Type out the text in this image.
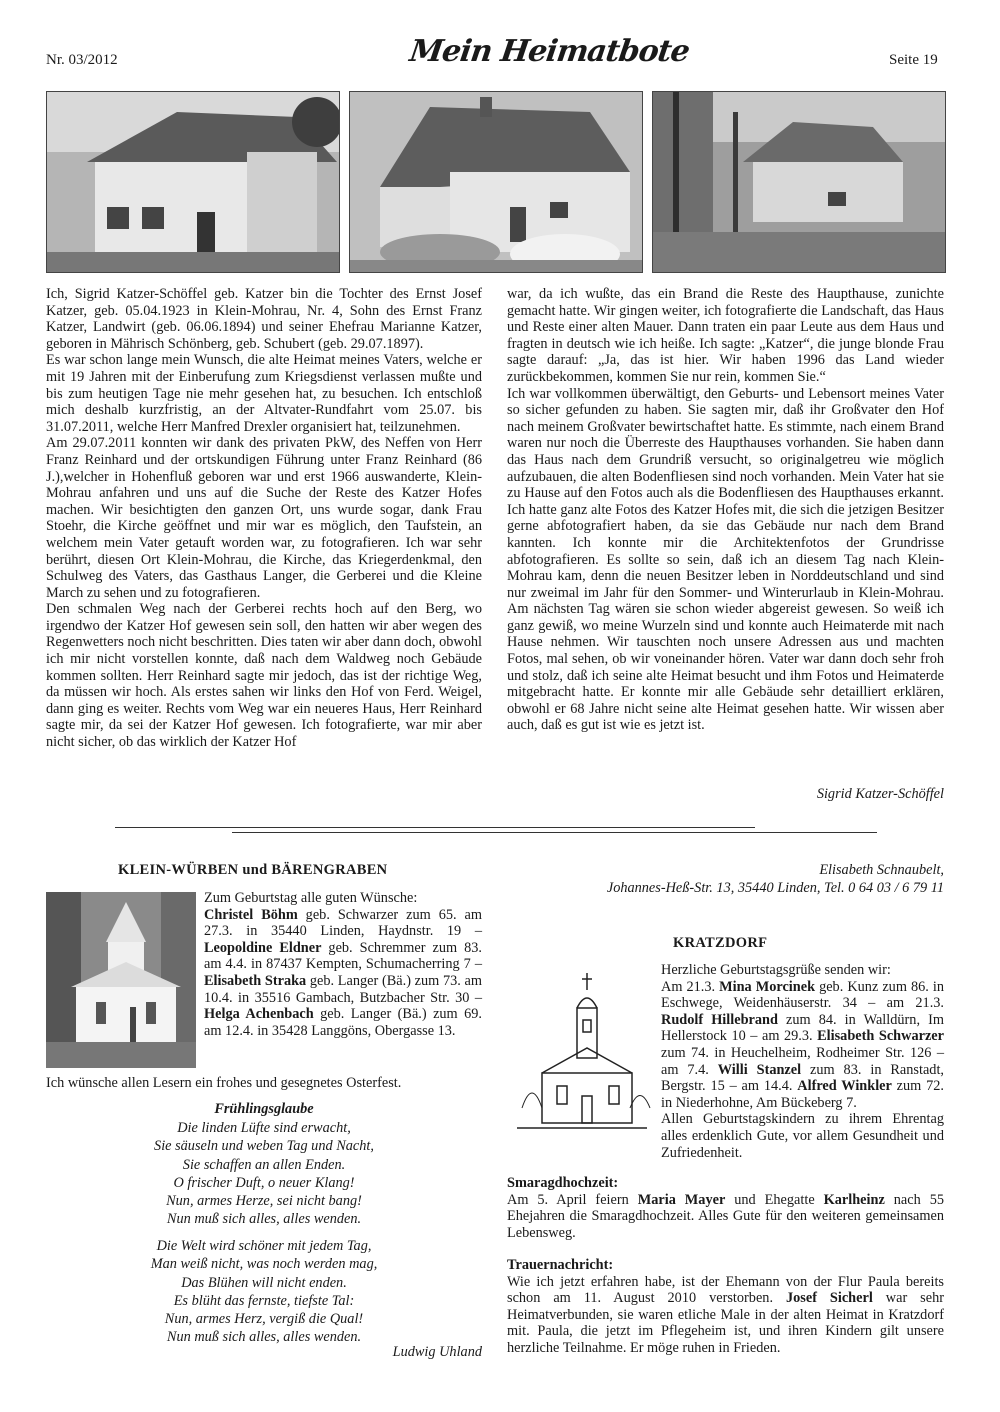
Nr. 03/2012	Mein Heimatbote	Seite 19

Ich, Sigrid Katzer-Schöffel geb. Katzer bin die Tochter des Ernst Josef Katzer, geb. 05.04.1923 in Klein-Mohrau, Nr. 4, Sohn des Ernst Franz Katzer, Landwirt (geb. 06.06.1894) und seiner Ehefrau Marianne Katzer, geboren in Mährisch Schönberg, geb. Schubert (geb. 29.07.1897).

Es war schon lange mein Wunsch, die alte Heimat meines Vaters, welche er mit 19 Jahren mit der Einberufung zum Kriegsdienst verlassen mußte und bis zum heutigen Tage nie mehr gesehen hat, zu besuchen. Ich entschloß mich deshalb kurzfristig, an der Altvater-Rundfahrt vom 25.07. bis 31.07.2011, welche Herr Manfred Drexler organisiert hat, teilzunehmen.

Am 29.07.2011 konnten wir dank des privaten PkW, des Neffen von Herr Franz Reinhard und der ortskundigen Führung unter Franz Reinhard (86 J.),welcher in Hohenfluß geboren war und erst 1966 auswanderte, Klein-Mohrau anfahren und uns auf die Suche der Reste des Katzer Hofes machen. Wir besichtigten den ganzen Ort, uns wurde sogar, dank Frau Stoehr, die Kirche geöffnet und mir war es möglich, den Taufstein, an welchem mein Vater getauft worden war, zu fotografieren. Ich war sehr berührt, diesen Ort Klein-Mohrau, die Kirche, das Kriegerdenkmal, den Schulweg des Vaters, das Gasthaus Langer, die Gerberei und die Kleine March zu sehen und zu fotografieren.

Den schmalen Weg nach der Gerberei rechts hoch auf den Berg, wo irgendwo der Katzer Hof gewesen sein soll, den hatten wir aber wegen des Regenwetters noch nicht beschritten. Dies taten wir aber dann doch, obwohl ich mir nicht vorstellen konnte, daß nach dem Waldweg noch Gebäude kommen sollten. Herr Reinhard sagte mir jedoch, das ist der richtige Weg, da müssen wir hoch. Als erstes sahen wir links den Hof von Ferd. Weigel, dann ging es weiter. Rechts vom Weg war ein neueres Haus, Herr Reinhard sagte mir, da sei der Katzer Hof gewesen. Ich fotografierte, war mir aber nicht sicher, ob das wirklich der Katzer Hof

war, da ich wußte, das ein Brand die Reste des Haupthause, zunichte gemacht hatte. Wir gingen weiter, ich fotografierte die Landschaft, das Haus und Reste einer alten Mauer. Dann traten ein paar Leute aus dem Haus und fragten in deutsch wie ich heiße. Ich sagte: „Katzer“, die junge blonde Frau sagte darauf: „Ja, das ist hier. Wir haben 1996 das Land wieder zurückbekommen, kommen Sie nur rein, kommen Sie.“

Ich war vollkommen überwältigt, den Geburts- und Lebensort meines Vater so sicher gefunden zu haben. Sie sagten mir, daß ihr Großvater den Hof nach meinem Großvater bewirtschaftet hatte. Es stimmte, nach einem Brand waren nur noch die Überreste des Haupthauses vorhanden. Sie haben dann das Haus nach dem Grundriß versucht, so originalgetreu wie möglich aufzubauen, die alten Bodenfliesen sind noch vorhanden. Mein Vater hat sie zu Hause auf den Fotos auch als die Bodenfliesen des Haupthauses erkannt. Ich hatte ganz alte Fotos des Katzer Hofes mit, die sich die jetzigen Besitzer gerne abfotografiert haben, da sie das Gebäude nur nach dem Brand kannten. Ich konnte mir die Architektenfotos der Grundrisse abfotografieren. Es sollte so sein, daß ich an diesem Tag nach Klein-Mohrau kam, denn die neuen Besitzer leben in Norddeutschland und sind nur zweimal im Jahr für den Sommer- und Winterurlaub in Klein-Mohrau. Am nächsten Tag wären sie schon wieder abgereist gewesen. So weiß ich ganz gewiß, wo meine Wurzeln sind und konnte auch Heimaterde mit nach Hause nehmen. Wir tauschten noch unsere Adressen aus und machten Fotos, mal sehen, ob wir voneinander hören. Vater war dann doch sehr froh und stolz, daß ich seine alte Heimat besucht und ihm Fotos und Heimaterde mitgebracht hatte. Er konnte mir alle Gebäude sehr detailliert erklären, obwohl er 68 Jahre nicht seine alte Heimat gesehen hatte. Wir wissen aber auch, daß es gut ist wie es jetzt ist.

Sigrid Katzer-Schöffel
KLEIN-WÜRBEN und BÄRENGRABEN

Zum Geburtstag alle guten Wünsche:
Christel Böhm geb. Schwarzer zum 65. am 27.3. in 35440 Linden, Haydnstr. 19 – Leopoldine Eldner geb. Schremmer zum 83. am 4.4. in 87437 Kempten, Schumacherring 7 – Elisabeth Straka geb. Langer (Bä.) zum 73. am 10.4. in 35516 Gambach, Butzbacher Str. 30 – Helga Achenbach geb. Langer (Bä.) zum 69. am 12.4. in 35428 Langgöns, Obergasse 13.

Ich wünsche allen Lesern ein frohes und gesegnetes Osterfest.
Frühlingsglaube

Die linden Lüfte sind erwacht,

Sie säuseln und weben Tag und Nacht,

Sie schaffen an allen Enden.

O frischer Duft, o neuer Klang!

Nun, armes Herze, sei nicht bang!

Nun muß sich alles, alles wenden.

Die Welt wird schöner mit jedem Tag,

Man weiß nicht, was noch werden mag,

Das Blühen will nicht enden.

Es blüht das fernste, tiefste Tal:

Nun, armes Herz, vergiß die Qual!

Nun muß sich alles, alles wenden.

Ludwig Uhland
Elisabeth Schnaubelt,
Johannes-Heß-Str. 13, 35440 Linden, Tel. 0 64 03 / 6 79 11
KRATZDORF

Herzliche Geburtstagsgrüße senden wir:
Am 21.3. Mina Morcinek geb. Kunz zum 86. in Eschwege, Weidenhäuserstr. 34 – am 21.3. Rudolf Hillebrand zum 84. in Walldürn, Im Hellerstock 10 – am 29.3. Elisabeth Schwarzer zum 74. in Heuchelheim, Rodheimer Str. 126 – am 7.4. Willi Stanzel zum 83. in Ranstadt, Bergstr. 15 – am 14.4. Alfred Winkler zum 72. in Niederhohne, Am Bückeberg 7.
Allen Geburtstagskindern zu ihrem Ehrentag alles erdenklich Gute, vor allem Gesundheit und Zufriedenheit.

Smaragdhochzeit:

Am 5. April feiern Maria Mayer und Ehegatte Karlheinz nach 55 Ehejahren die Smaragdhochzeit. Alles Gute für den weiteren gemeinsamen Lebensweg.

Trauernachricht:

Wie ich jetzt erfahren habe, ist der Ehemann von der Flur Paula bereits schon am 11. August 2010 verstorben. Josef Sicherl war sehr Heimatverbunden, sie waren etliche Male in der alten Heimat in Kratzdorf mit. Paula, die jetzt im Pflegeheim ist, und ihren Kindern gilt unsere herzliche Teilnahme. Er möge ruhen in Frieden.
